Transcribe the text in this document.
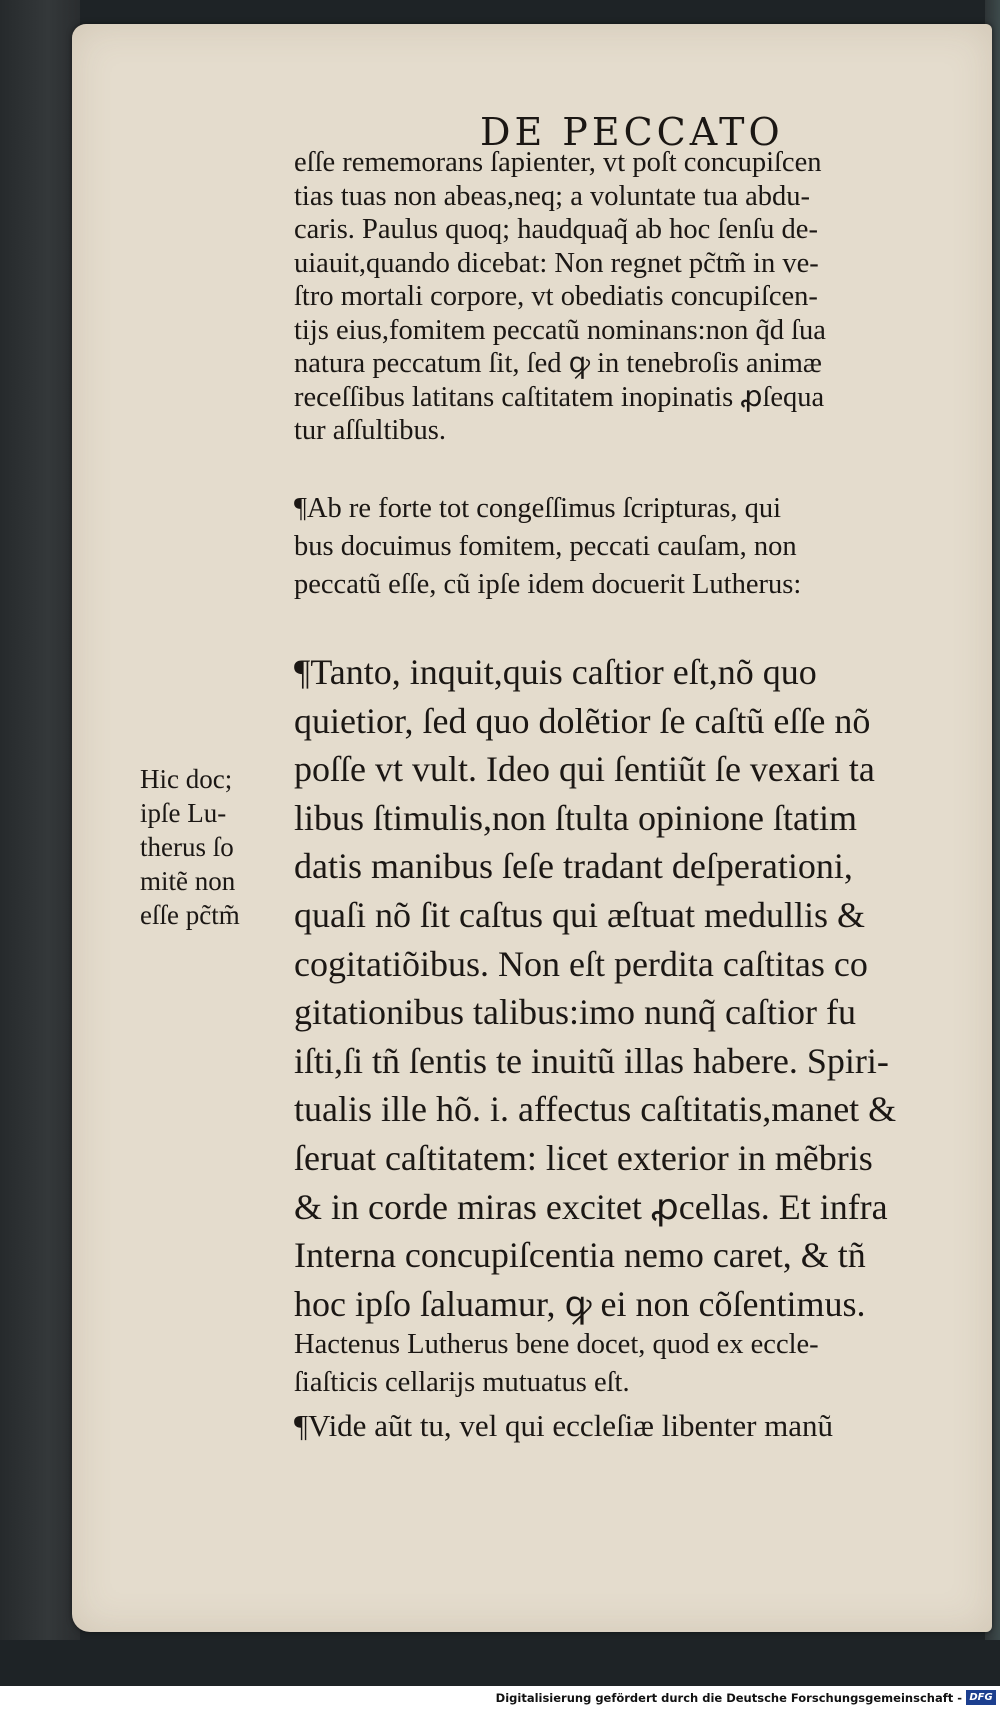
DE PECCATO
eſſe rememorans ſapienter, vt poſt concupiſcen
tias tuas non abeas,neq; a voluntate tua abdu-
caris. Paulus quoq; haudquaq̃ ab hoc ſenſu de-
uiauit,quando dicebat: Non regnet pc̃tm̃ in ve-
ſtro mortali corpore, vt obediatis concupiſcen-
tijs eius,fomitem peccatũ nominans:non q̃d ſua
natura peccatum ſit, ſed ꝙ in tenebroſis animæ
receſſibus latitans caſtitatem inopinatis ꝓſequa
tur aſſultibus.
¶Ab re forte tot congeſſimus ſcripturas, qui
bus docuimus fomitem, peccati cauſam, non
peccatũ eſſe, cũ ipſe idem docuerit Lutherus:
¶Tanto, inquit,quis caſtior eſt,nõ quo
quietior, ſed quo dolẽtior ſe caſtũ eſſe nõ
poſſe vt vult. Ideo qui ſentiũt ſe vexari ta
libus ſtimulis,non ſtulta opinione ſtatim
datis manibus ſeſe tradant deſperationi,
quaſi nõ ſit caſtus qui æſtuat medullis &
cogitatiõibus. Non eſt perdita caſtitas co
gitationibus talibus:imo nunq̃ caſtior fu
iſti,ſi tñ ſentis te inuitũ illas habere. Spiri-
tualis ille hõ. i. affectus caſtitatis,manet &
ſeruat caſtitatem: licet exterior in mẽbris
& in corde miras excitet ꝓcellas. Et infra
Interna concupiſcentia nemo caret, & tñ
hoc ipſo ſaluamur, ꝙ ei non cõſentimus.
Hactenus Lutherus bene docet, quod ex eccle-
ſiaſticis cellarijs mutuatus eſt.
¶Vide aũt tu, vel qui eccleſiæ libenter manũ
Hic doc;
ipſe Lu-
therus ſo
mitẽ non
eſſe pc̃tm̃
Digitalisierung gefördert durch die Deutsche Forschungsgemeinschaft - DFG
